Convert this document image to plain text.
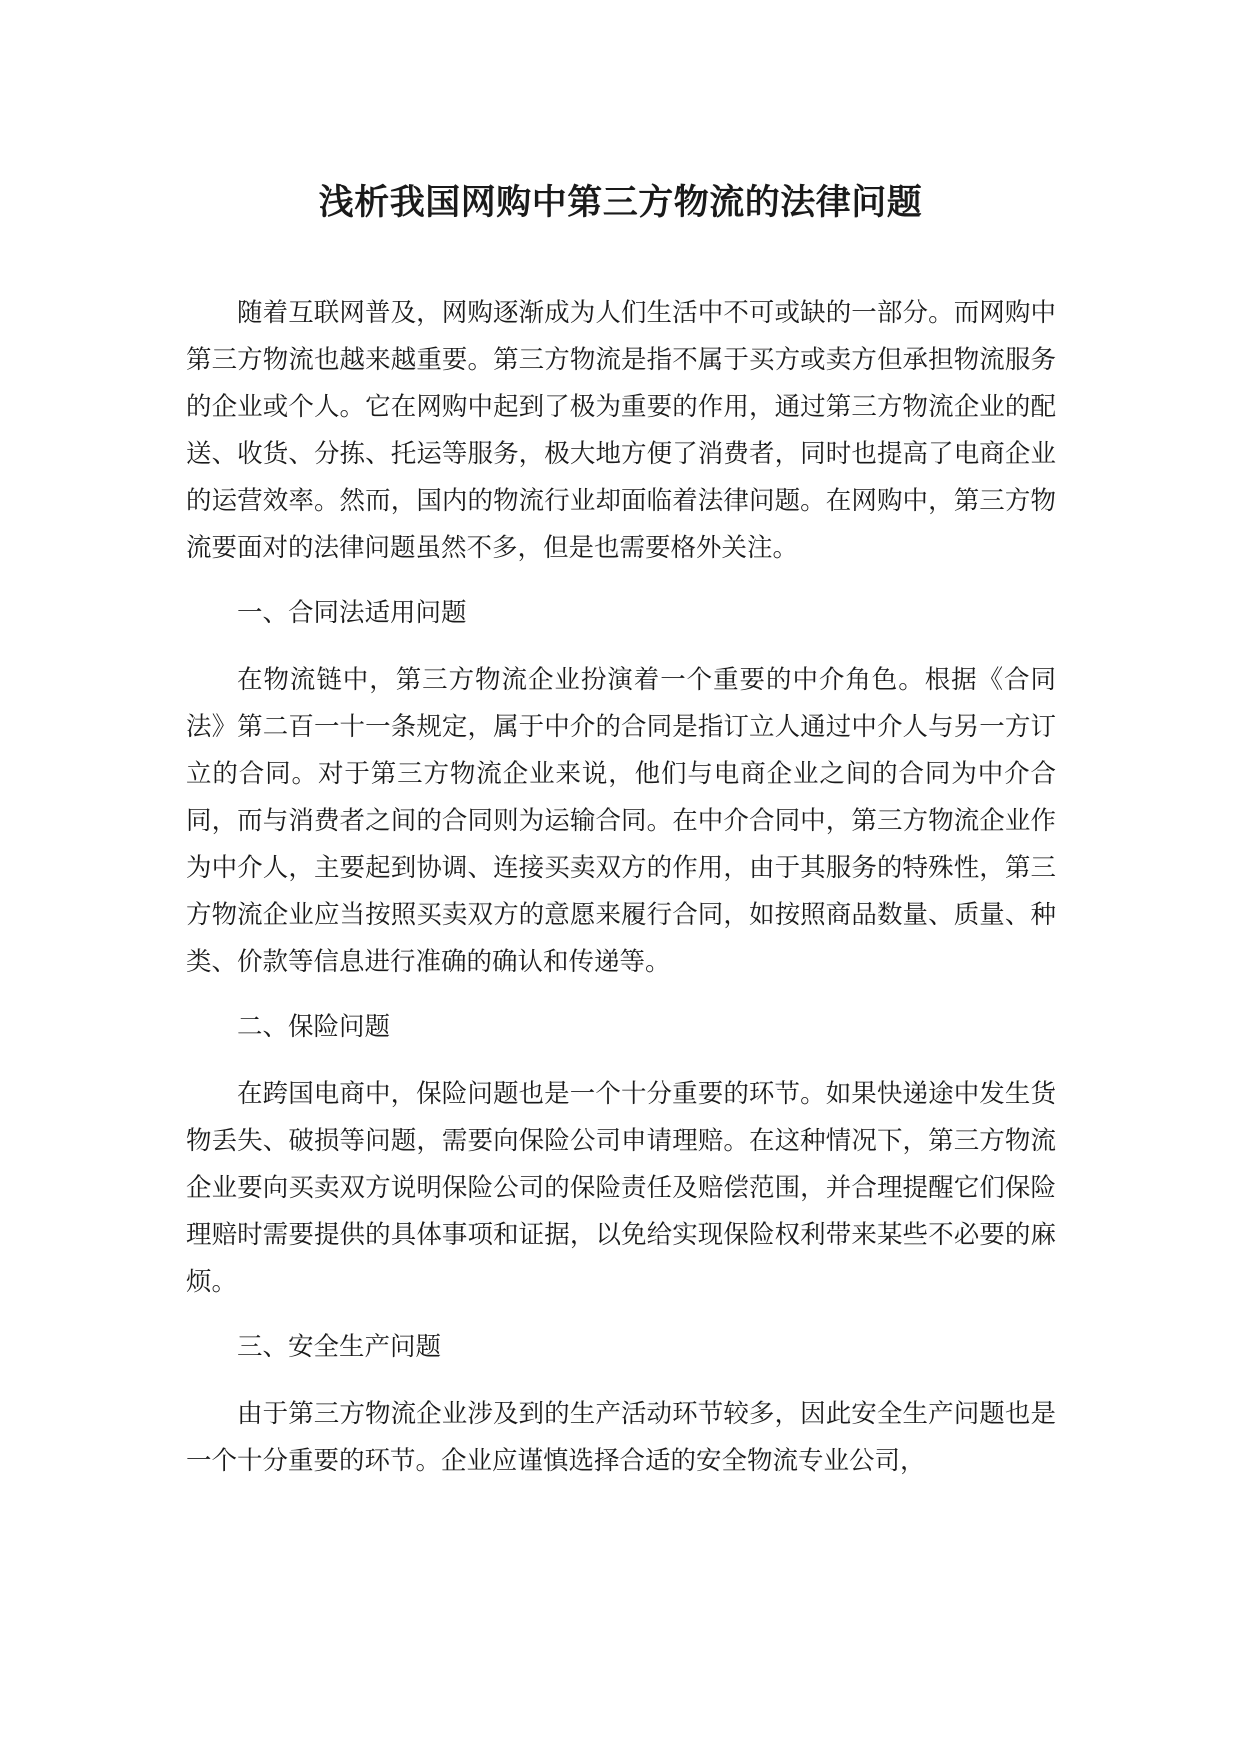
浅析我国网购中第三方物流的法律问题

随着互联网普及，网购逐渐成为人们生活中不可或缺的一部分。而网购中第三方物流也越来越重要。第三方物流是指不属于买方或卖方但承担物流服务的企业或个人。它在网购中起到了极为重要的作用，通过第三方物流企业的配送、收货、分拣、托运等服务，极大地方便了消费者，同时也提高了电商企业的运营效率。然而，国内的物流行业却面临着法律问题。在网购中，第三方物流要面对的法律问题虽然不多，但是也需要格外关注。

一、合同法适用问题

在物流链中，第三方物流企业扮演着一个重要的中介角色。根据《合同法》第二百一十一条规定，属于中介的合同是指订立人通过中介人与另一方订立的合同。对于第三方物流企业来说，他们与电商企业之间的合同为中介合同，而与消费者之间的合同则为运输合同。在中介合同中，第三方物流企业作为中介人，主要起到协调、连接买卖双方的作用，由于其服务的特殊性，第三方物流企业应当按照买卖双方的意愿来履行合同，如按照商品数量、质量、种类、价款等信息进行准确的确认和传递等。

二、保险问题

在跨国电商中，保险问题也是一个十分重要的环节。如果快递途中发生货物丢失、破损等问题，需要向保险公司申请理赔。在这种情况下，第三方物流企业要向买卖双方说明保险公司的保险责任及赔偿范围，并合理提醒它们保险理赔时需要提供的具体事项和证据，以免给实现保险权利带来某些不必要的麻烦。

三、安全生产问题

由于第三方物流企业涉及到的生产活动环节较多，因此安全生产问题也是一个十分重要的环节。企业应谨慎选择合适的安全物流专业公司，
